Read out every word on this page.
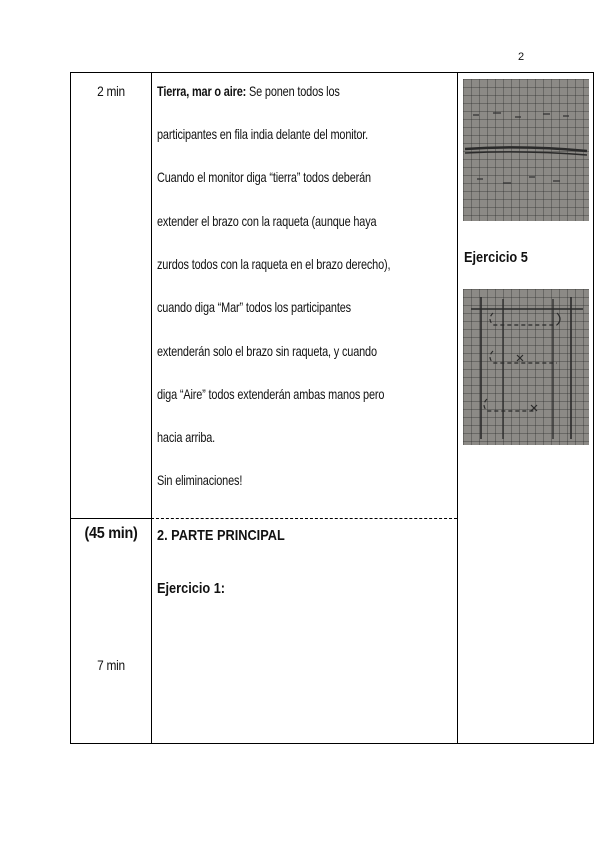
2
2 min
(45 min)
7 min
Tierra, mar o aire: Se ponen todos los
participantes en fila india delante del monitor.
Cuando el monitor diga “tierra” todos deberán
extender el brazo con la raqueta (aunque haya
zurdos todos con la raqueta en el brazo derecho),
cuando diga “Mar” todos los participantes
extenderán solo el brazo sin raqueta, y cuando
diga “Aire” todos extenderán ambas manos pero
hacia arriba.
Sin eliminaciones!
2. PARTE PRINCIPAL
Ejercicio 1:
Ejercicio 5
